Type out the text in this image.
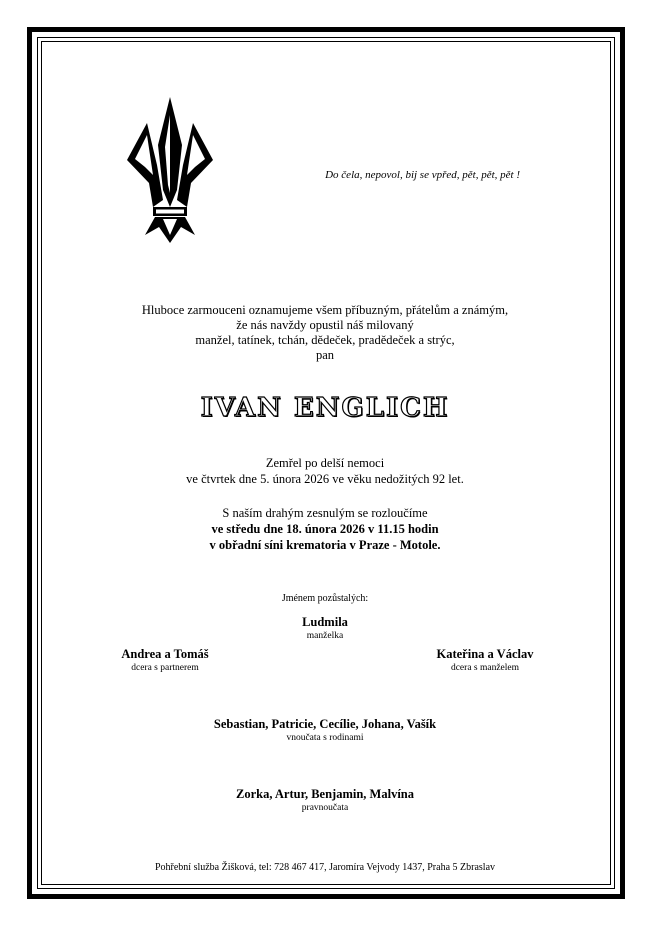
Do čela, nepovol, bij se vpřed, pět, pět, pět !
Hluboce zarmouceni oznamujeme všem příbuzným, přátelům a známým,
že nás navždy opustil náš milovaný
manžel, tatínek, tchán, dědeček, pradědeček a strýc,
pan
IVAN ENGLICH
Zemřel po delší nemoci
ve čtvrtek dne 5. února 2026 ve věku nedožitých 92 let.
S naším drahým zesnulým se rozloučíme
ve středu dne 18. února 2026 v 11.15 hodin
v obřadní síni krematoria v Praze - Motole.
Jménem pozůstalých:
Ludmila
manželka
Andrea a Tomáš
dcera s partnerem
Kateřina a Václav
dcera s manželem
Sebastian, Patricie, Cecílie, Johana, Vašík
vnoučata s rodinami
Zorka, Artur, Benjamin, Malvína
pravnoučata
Pohřební služba Žišková, tel: 728 467 417, Jaromíra Vejvody 1437, Praha 5 Zbraslav
